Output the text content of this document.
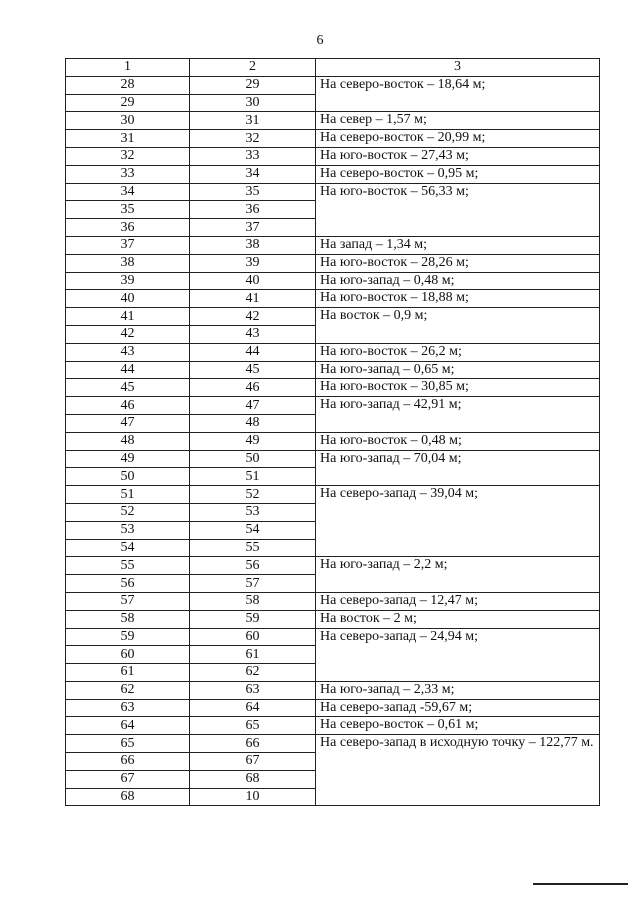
6
1	2	3
28	29	На северо-восток – 18,64 м;
29	30	
30	31	На север – 1,57 м;
31	32	На северо-восток – 20,99 м;
32	33	На юго-восток – 27,43 м;
33	34	На северо-восток – 0,95 м;
34	35	На юго-восток – 56,33 м;
35	36	
36	37	
37	38	На запад – 1,34 м;
38	39	На юго-восток – 28,26 м;
39	40	На юго-запад – 0,48 м;
40	41	На юго-восток – 18,88 м;
41	42	На восток – 0,9 м;
42	43	
43	44	На юго-восток – 26,2 м;
44	45	На юго-запад – 0,65 м;
45	46	На юго-восток – 30,85 м;
46	47	На юго-запад – 42,91 м;
47	48	
48	49	На юго-восток – 0,48 м;
49	50	На юго-запад – 70,04 м;
50	51	
51	52	На северо-запад – 39,04 м;
52	53	
53	54	
54	55	
55	56	На юго-запад – 2,2 м;
56	57	
57	58	На северо-запад – 12,47 м;
58	59	На восток – 2 м;
59	60	На северо-запад – 24,94 м;
60	61	
61	62	
62	63	На юго-запад – 2,33 м;
63	64	На северо-запад -59,67 м;
64	65	На северо-восток – 0,61 м;
65	66	На северо-запад в исходную точку – 122,77 м.
66	67	
67	68	
68	10	
